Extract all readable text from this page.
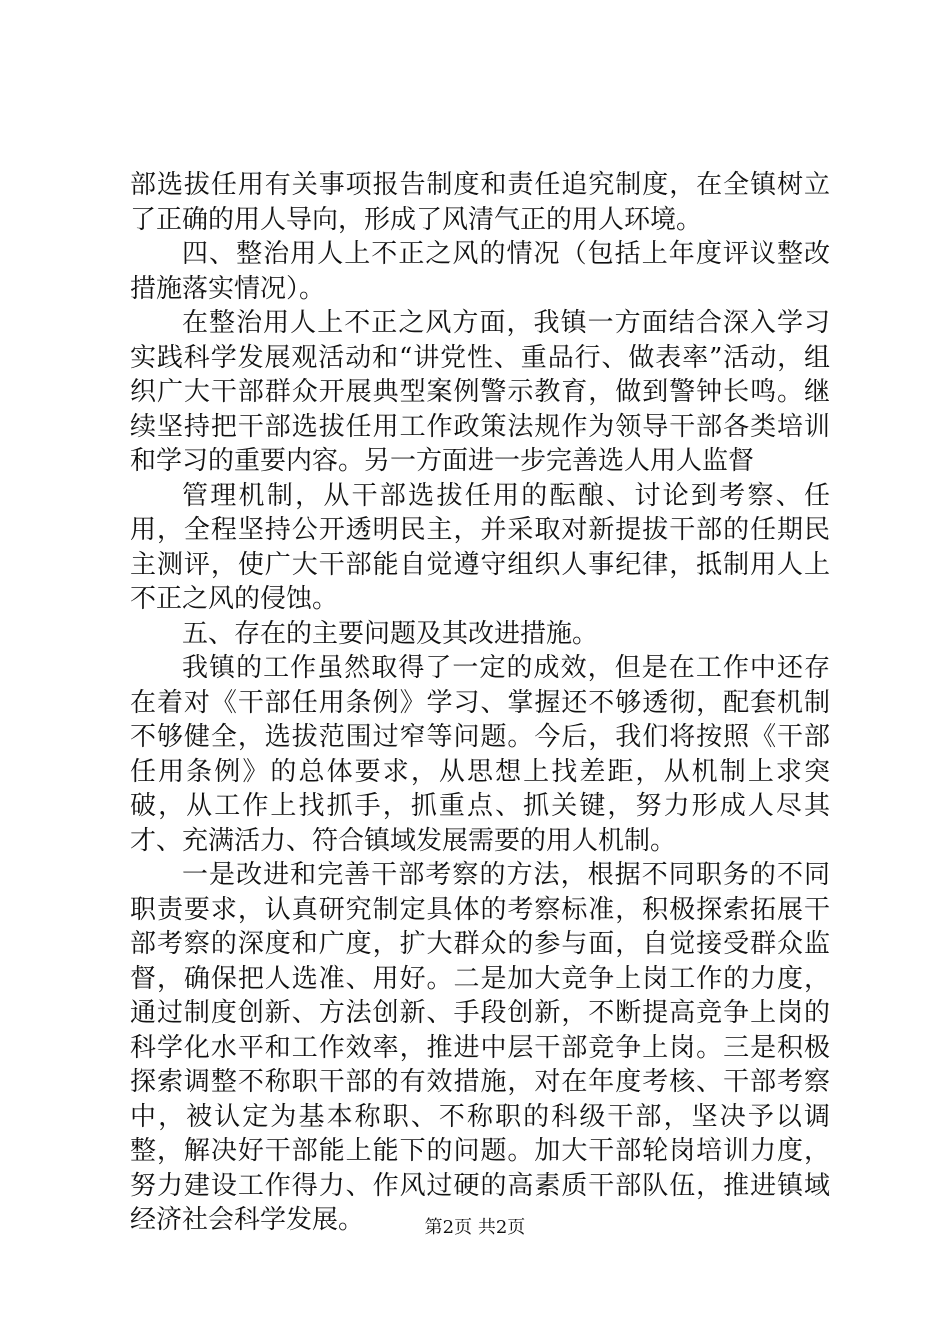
部选拔任用有关事项报告制度和责任追究制度，在全镇树立了正确的用人导向，形成了风清气正的用人环境。

四、整治用人上不正之风的情况（包括上年度评议整改措施落实情况）。

在整治用人上不正之风方面，我镇一方面结合深入学习实践科学发展观活动和“讲党性、重品行、做表率”活动，组织广大干部群众开展典型案例警示教育，做到警钟长鸣。继续坚持把干部选拔任用工作政策法规作为领导干部各类培训和学习的重要内容。另一方面进一步完善选人用人监督

管理机制，从干部选拔任用的酝酿、讨论到考察、任用，全程坚持公开透明民主，并采取对新提拔干部的任期民主测评，使广大干部能自觉遵守组织人事纪律，抵制用人上不正之风的侵蚀。

五、存在的主要问题及其改进措施。

我镇的工作虽然取得了一定的成效，但是在工作中还存在着对《干部任用条例》学习、掌握还不够透彻，配套机制不够健全，选拔范围过窄等问题。今后，我们将按照《干部任用条例》的总体要求，从思想上找差距，从机制上求突破，从工作上找抓手，抓重点、抓关键，努力形成人尽其才、充满活力、符合镇域发展需要的用人机制。

一是改进和完善干部考察的方法，根据不同职务的不同职责要求，认真研究制定具体的考察标准，积极探索拓展干部考察的深度和广度，扩大群众的参与面，自觉接受群众监督，确保把人选准、用好。二是加大竞争上岗工作的力度，通过制度创新、方法创新、手段创新，不断提高竞争上岗的科学化水平和工作效率，推进中层干部竞争上岗。三是积极探索调整不称职干部的有效措施，对在年度考核、干部考察中，被认定为基本称职、不称职的科级干部，坚决予以调整，解决好干部能上能下的问题。加大干部轮岗培训力度，努力建设工作得力、作风过硬的高素质干部队伍，推进镇域经济社会科学发展。	第2页 共2页
